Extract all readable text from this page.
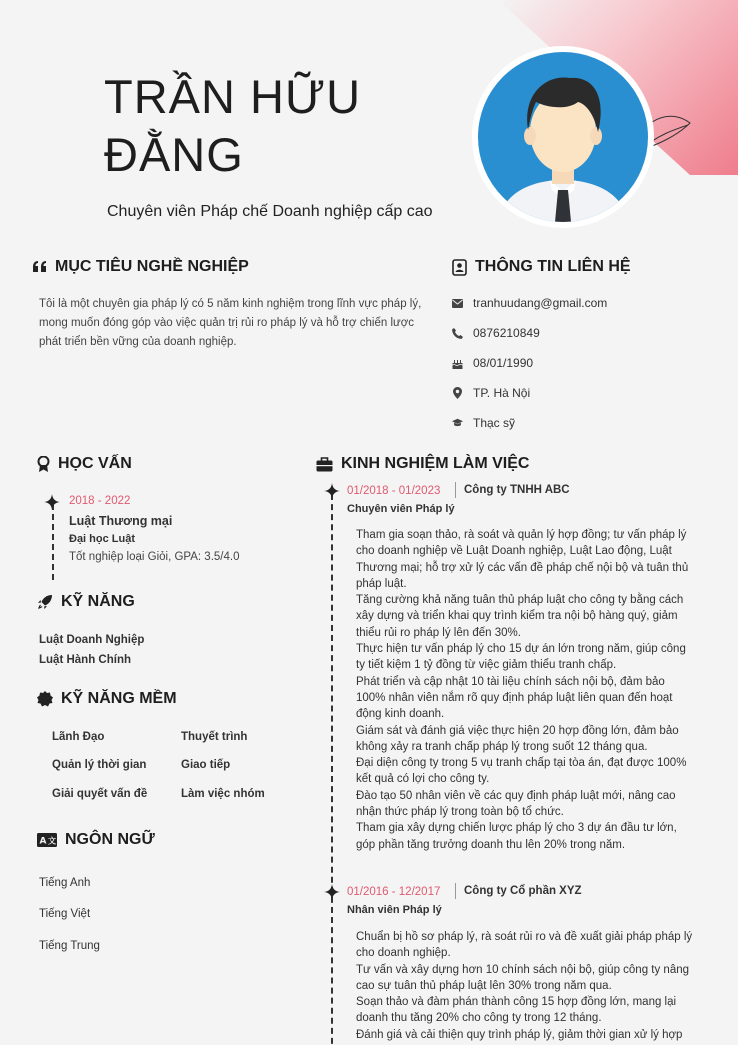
TRẦN HỮU
ĐẰNG
Chuyên viên Pháp chế Doanh nghiệp cấp cao
MỤC TIÊU NGHỀ NGHIỆP
Tôi là một chuyên gia pháp lý có 5 năm kinh nghiệm trong lĩnh vực pháp lý, mong muốn đóng góp vào việc quản trị rủi ro pháp lý và hỗ trợ chiến lược phát triển bền vững của doanh nghiệp.
THÔNG TIN LIÊN HỆ
tranhuudang@gmail.com
0876210849
08/01/1990
TP. Hà Nội
Thạc sỹ
HỌC VẤN
2018 - 2022
Luật Thương mại
Đại học Luật
Tốt nghiệp loại Giỏi, GPA: 3.5/4.0
KỸ NĂNG
Luật Doanh Nghiệp
Luật Hành Chính
KỸ NĂNG MỀM
Lãnh Đạo	Thuyết trình
Quản lý thời gian	Giao tiếp
Giải quyết vấn đề	Làm việc nhóm
A 文 NGÔN NGỮ
Tiếng Anh
Tiếng Việt
Tiếng Trung
KINH NGHIỆM LÀM VIỆC
01/2018 - 01/2023 Công ty TNHH ABC
Chuyên viên Pháp lý

Tham gia soạn thảo, rà soát và quản lý hợp đồng; tư vấn pháp lý cho doanh nghiệp về Luật Doanh nghiệp, Luật Lao động, Luật Thương mại; hỗ trợ xử lý các vấn đề pháp chế nội bộ và tuân thủ pháp luật.

Tăng cường khả năng tuân thủ pháp luật cho công ty bằng cách xây dựng và triển khai quy trình kiểm tra nội bộ hàng quý, giảm thiểu rủi ro pháp lý lên đến 30%.

Thực hiện tư vấn pháp lý cho 15 dự án lớn trong năm, giúp công ty tiết kiệm 1 tỷ đồng từ việc giảm thiểu tranh chấp.

Phát triển và cập nhật 10 tài liệu chính sách nội bộ, đảm bảo 100% nhân viên nắm rõ quy định pháp luật liên quan đến hoạt động kinh doanh.

Giám sát và đánh giá việc thực hiện 20 hợp đồng lớn, đảm bảo không xảy ra tranh chấp pháp lý trong suốt 12 tháng qua.

Đại diện công ty trong 5 vụ tranh chấp tại tòa án, đạt được 100% kết quả có lợi cho công ty.

Đào tạo 50 nhân viên về các quy định pháp luật mới, nâng cao nhận thức pháp lý trong toàn bộ tổ chức.

Tham gia xây dựng chiến lược pháp lý cho 3 dự án đầu tư lớn, góp phần tăng trưởng doanh thu lên 20% trong năm.

01/2016 - 12/2017 Công ty Cổ phần XYZ
Nhân viên Pháp lý

Chuẩn bị hồ sơ pháp lý, rà soát rủi ro và đề xuất giải pháp pháp lý cho doanh nghiệp.

Tư vấn và xây dựng hơn 10 chính sách nội bộ, giúp công ty nâng cao sự tuân thủ pháp luật lên 30% trong năm qua.

Soạn thảo và đàm phán thành công 15 hợp đồng lớn, mang lại doanh thu tăng 20% cho công ty trong 12 tháng.

Đánh giá và cải thiện quy trình pháp lý, giảm thời gian xử lý hợp
